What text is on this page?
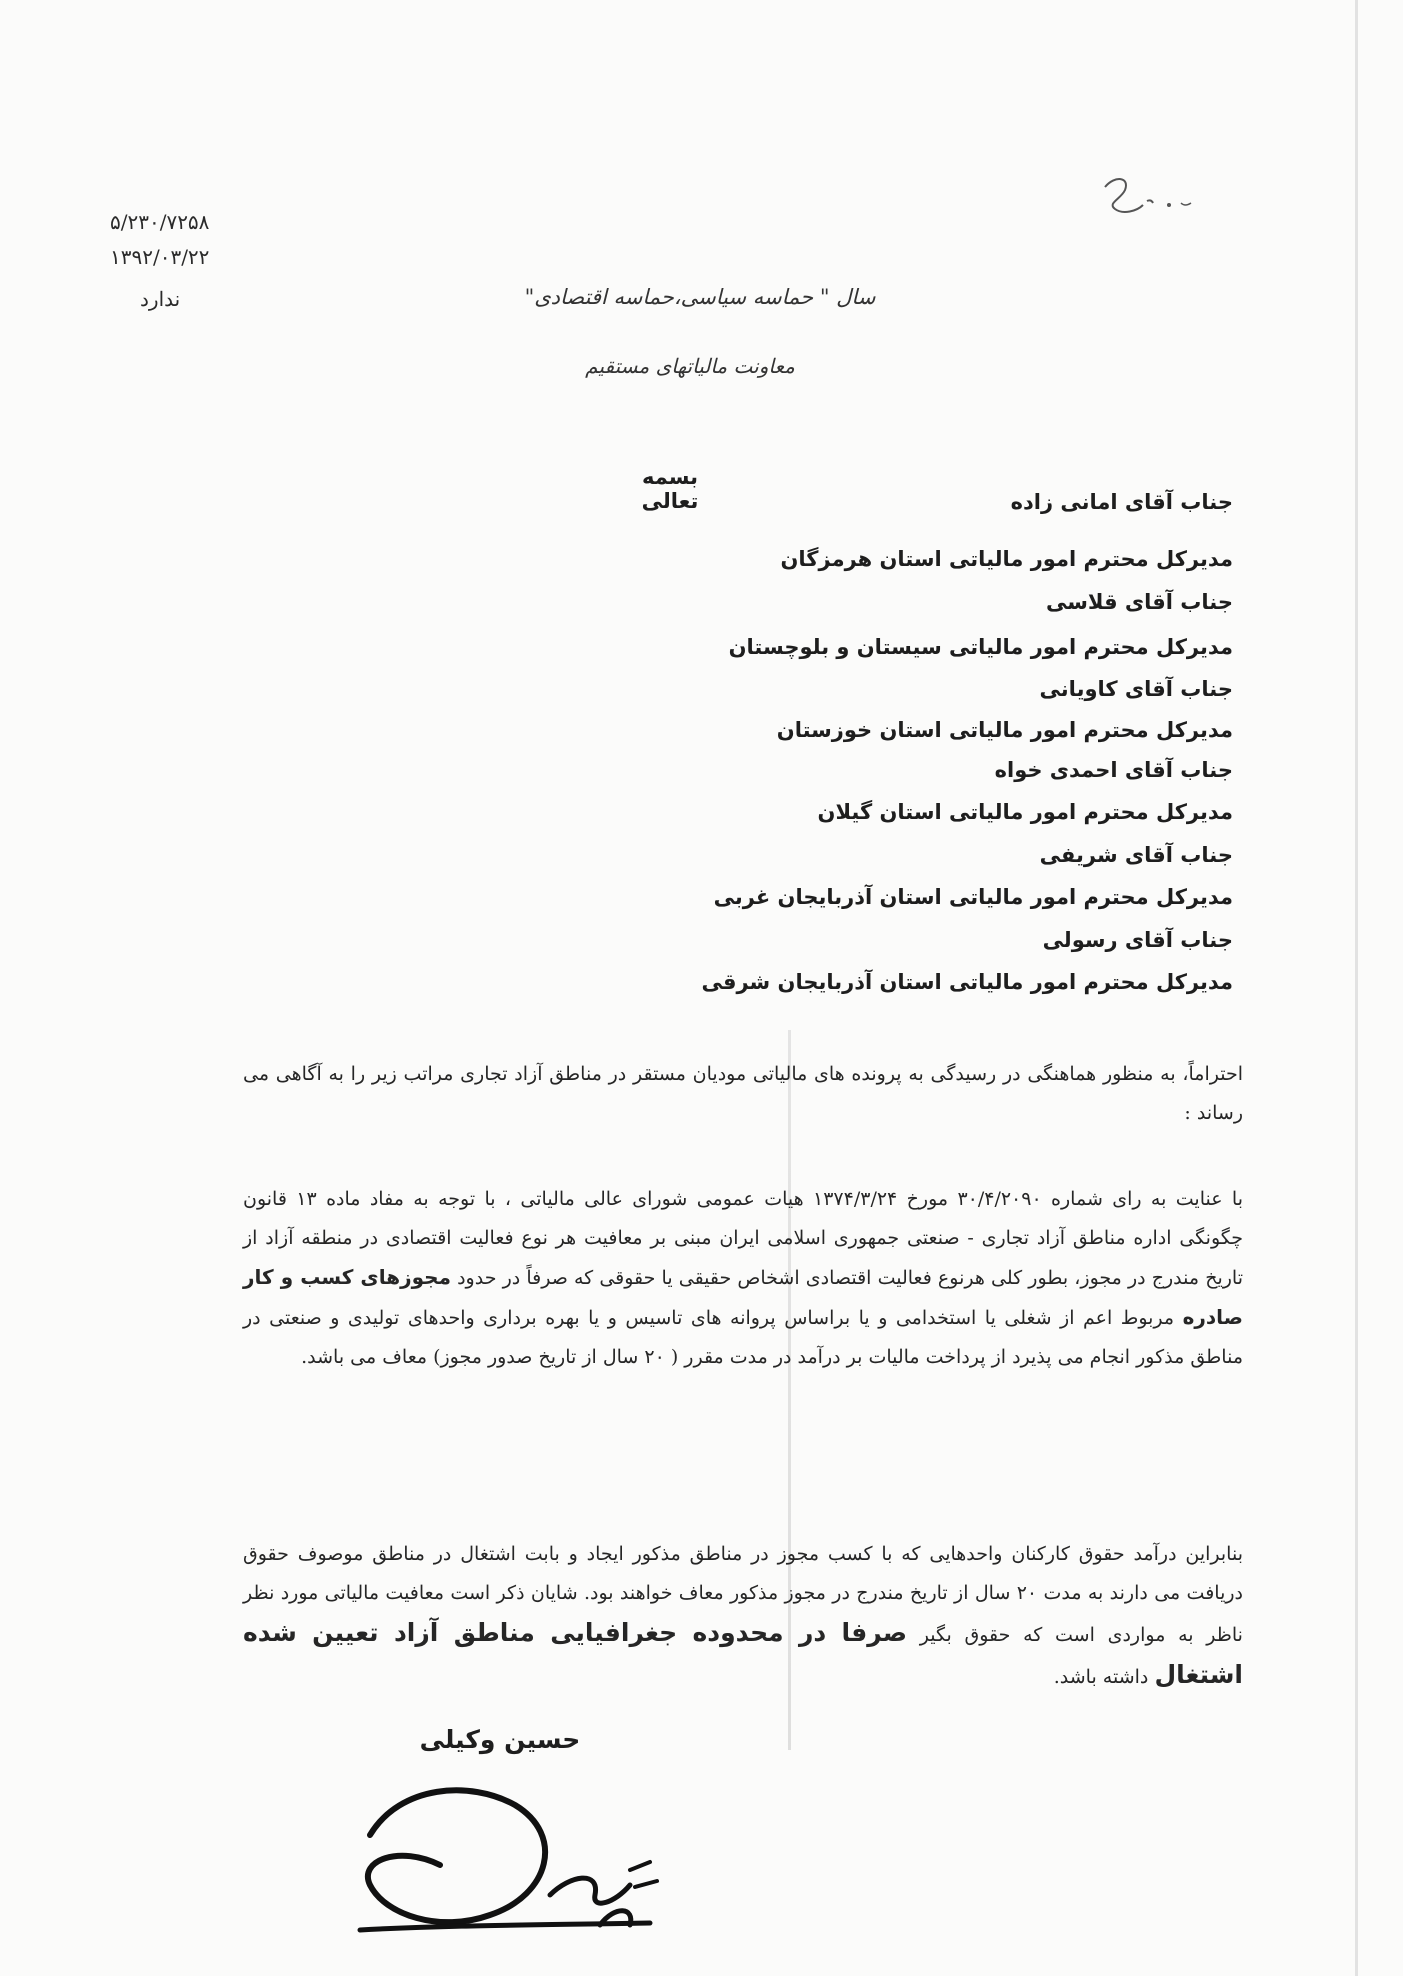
۵/۲۳۰/۷۲۵۸
۱۳۹۲/۰۳/۲۲
ندارد	سال " حماسه سیاسی،حماسه اقتصادی"
معاونت مالیاتهای مستقیم
بسمه تعالی	جناب آقای امانی زاده
مدیرکل محترم امور مالیاتی استان هرمزگان
جناب آقای قلاسی
مدیرکل محترم امور مالیاتی سیستان و بلوچستان
جناب آقای کاویانی
مدیرکل محترم امور مالیاتی استان خوزستان
جناب آقای احمدی خواه
مدیرکل محترم امور مالیاتی استان گیلان
جناب آقای شریفی
مدیرکل محترم امور مالیاتی استان آذربایجان غربی
جناب آقای رسولی
مدیرکل محترم امور مالیاتی استان آذربایجان شرقی
احتراماً، به منظور هماهنگی در رسیدگی به پرونده های مالیاتی مودیان مستقر در مناطق آزاد تجاری مراتب زیر را به آگاهی می رساند :
با عنایت به رای شماره ۳۰/۴/۲۰۹۰ مورخ ۱۳۷۴/۳/۲۴ هیات عمومی شورای عالی مالیاتی ، با توجه به مفاد ماده ۱۳ قانون چگونگی اداره مناطق آزاد تجاری - صنعتی جمهوری اسلامی ایران مبنی بر معافیت هر نوع فعالیت اقتصادی در منطقه آزاد از تاریخ مندرج در مجوز، بطور کلی هرنوع فعالیت اقتصادی اشخاص حقیقی یا حقوقی که صرفاً در حدود مجوزهای کسب و کار صادره مربوط اعم از شغلی یا استخدامی و یا براساس پروانه های تاسیس و یا بهره برداری واحدهای تولیدی و صنعتی در مناطق مذکور انجام می پذیرد از پرداخت مالیات بر درآمد در مدت مقرر ( ۲۰ سال از تاریخ صدور مجوز) معاف می باشد.
بنابراین درآمد حقوق کارکنان واحدهایی که با کسب مجوز در مناطق مذکور ایجاد و بابت اشتغال در مناطق موصوف حقوق دریافت می دارند به مدت ۲۰ سال از تاریخ مندرج در مجوز مذکور معاف خواهند بود. شایان ذکر است معافیت مالیاتی مورد نظر ناظر به مواردی است که حقوق بگیر صرفا در محدوده جغرافیایی مناطق آزاد تعیین شده اشتغال داشته باشد.
حسین وکیلی
